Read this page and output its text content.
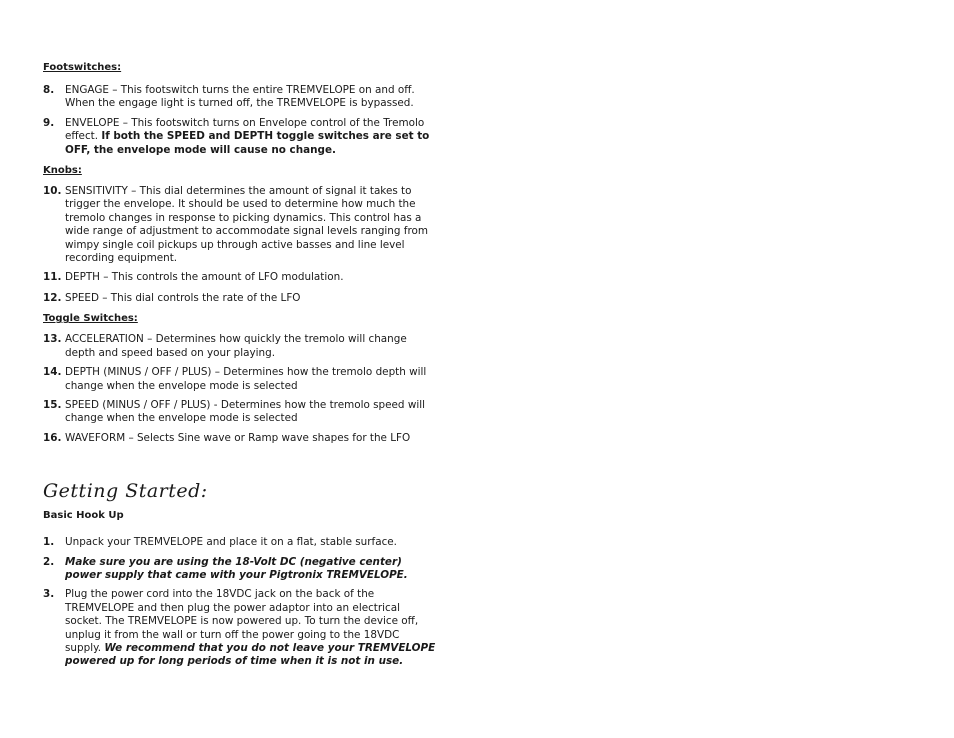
Footswitches:

8.	ENGAGE – This footswitch turns the entire TREMVELOPE on and off. When the engage light is turned off, the TREMVELOPE is bypassed.
9.	ENVELOPE – This footswitch turns on Envelope control of the Tremolo effect. If both the SPEED and DEPTH toggle switches are set to OFF, the envelope mode will cause no change.

Knobs:

10. SENSITIVITY – This dial determines the amount of signal it takes to trigger the envelope. It should be used to determine how much the tremolo changes in response to picking dynamics. This control has a wide range of adjustment to accommodate signal levels ranging from wimpy single coil pickups up through active basses and line level recording equipment.
11. DEPTH – This controls the amount of LFO modulation.
12. SPEED – This dial controls the rate of the LFO

Toggle Switches:

13. ACCELERATION – Determines how quickly the tremolo will change depth and speed based on your playing.
14. DEPTH (MINUS / OFF / PLUS) – Determines how the tremolo depth will change when the envelope mode is selected
15. SPEED (MINUS / OFF / PLUS) - Determines how the tremolo speed will change when the envelope mode is selected
16. WAVEFORM – Selects Sine wave or Ramp wave shapes for the LFO

Getting Started:

Basic Hook Up

1.	Unpack your TREMVELOPE and place it on a flat, stable surface.
2.	Make sure you are using the 18-Volt DC (negative center) power supply that came with your Pigtronix TREMVELOPE.
3.	Plug the power cord into the 18VDC jack on the back of the TREMVELOPE and then plug the power adaptor into an electrical socket. The TREMVELOPE is now powered up. To turn the device off, unplug it from the wall or turn off the power going to the 18VDC supply. We recommend that you do not leave your TREMVELOPE powered up for long periods of time when it is not in use.
